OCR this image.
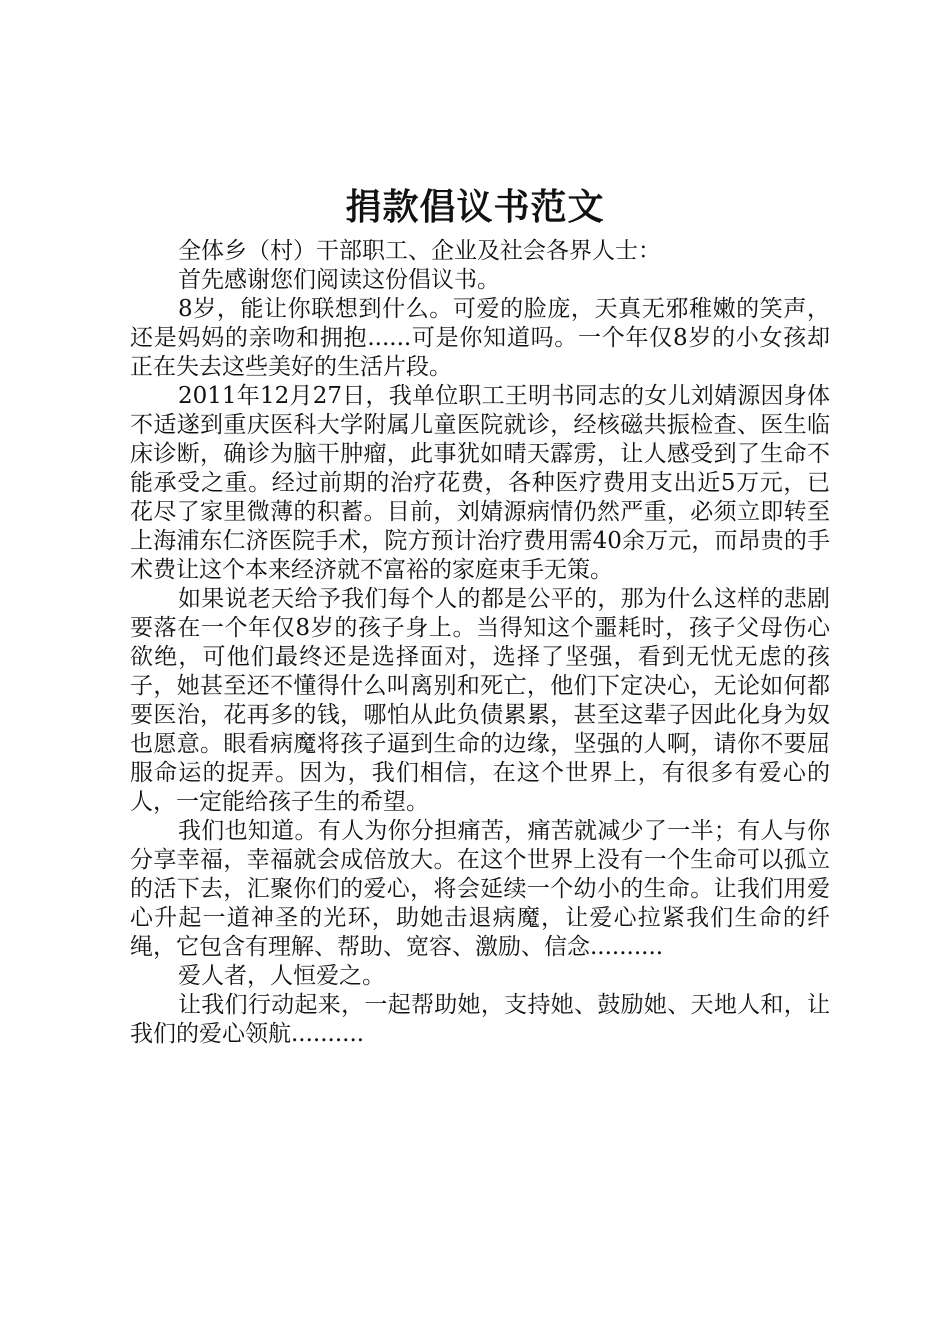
捐款倡议书范文

全体乡（村）干部职工、企业及社会各界人士：

首先感谢您们阅读这份倡议书。

8岁，能让你联想到什么。可爱的脸庞，天真无邪稚嫩的笑声，还是妈妈的亲吻和拥抱......可是你知道吗。一个年仅8岁的小女孩却正在失去这些美好的生活片段。

2011年12月27日，我单位职工王明书同志的女儿刘婧源因身体不适遂到重庆医科大学附属儿童医院就诊，经核磁共振检查、医生临床诊断，确诊为脑干肿瘤，此事犹如晴天霹雳，让人感受到了生命不能承受之重。经过前期的治疗花费，各种医疗费用支出近5万元，已花尽了家里微薄的积蓄。目前，刘婧源病情仍然严重，必须立即转至上海浦东仁济医院手术，院方预计治疗费用需40余万元，而昂贵的手术费让这个本来经济就不富裕的家庭束手无策。

如果说老天给予我们每个人的都是公平的，那为什么这样的悲剧要落在一个年仅8岁的孩子身上。当得知这个噩耗时，孩子父母伤心欲绝，可他们最终还是选择面对，选择了坚强，看到无忧无虑的孩子，她甚至还不懂得什么叫离别和死亡，他们下定决心，无论如何都要医治，花再多的钱，哪怕从此负债累累，甚至这辈子因此化身为奴也愿意。眼看病魔将孩子逼到生命的边缘，坚强的人啊，请你不要屈服命运的捉弄。因为，我们相信，在这个世界上，有很多有爱心的人，一定能给孩子生的希望。

我们也知道。有人为你分担痛苦，痛苦就减少了一半；有人与你分享幸福，幸福就会成倍放大。在这个世界上没有一个生命可以孤立的活下去，汇聚你们的爱心，将会延续一个幼小的生命。让我们用爱心升起一道神圣的光环，助她击退病魔，让爱心拉紧我们生命的纤绳，它包含有理解、帮助、宽容、激励、信念..........

爱人者，人恒爱之。

让我们行动起来，一起帮助她，支持她、鼓励她、天地人和，让我们的爱心领航..........
